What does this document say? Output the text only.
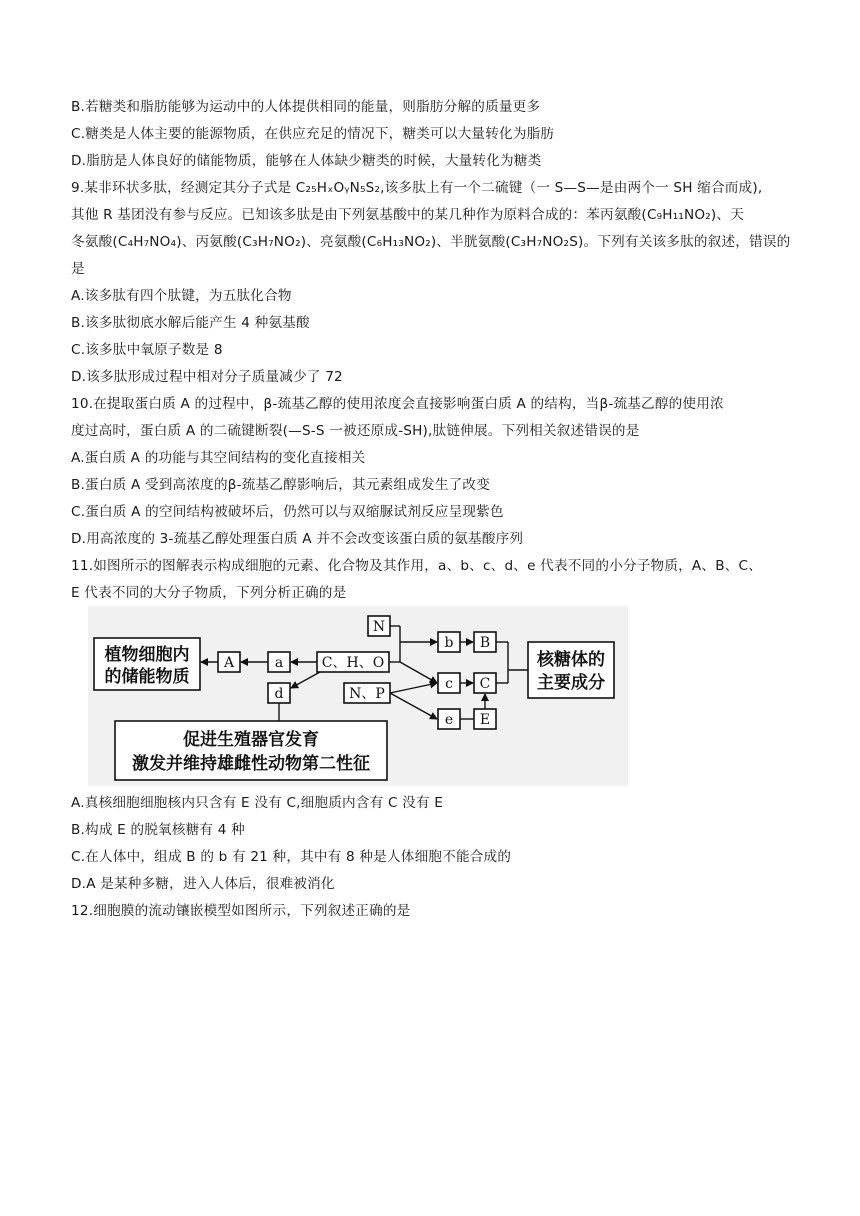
B.若糖类和脂肪能够为运动中的人体提供相同的能量，则脂肪分解的质量更多
C.糖类是人体主要的能源物质，在供应充足的情况下，糖类可以大量转化为脂肪
D.脂肪是人体良好的储能物质，能够在人体缺少糖类的时候，大量转化为糖类
9.某非环状多肽，经测定其分子式是 C₂₅HₓOᵧN₅S₂,该多肽上有一个二硫键（一 S—S—是由两个一 SH 缩合而成),
其他 R 基团没有参与反应。已知该多肽是由下列氨基酸中的某几种作为原料合成的：苯丙氨酸(C₉H₁₁NO₂)、天
冬氨酸(C₄H₇NO₄)、丙氨酸(C₃H₇NO₂)、亮氨酸(C₆H₁₃NO₂)、半胱氨酸(C₃H₇NO₂S)。下列有关该多肽的叙述，错误的
是
A.该多肽有四个肽键，为五肽化合物
B.该多肽彻底水解后能产生 4 种氨基酸
C.该多肽中氧原子数是 8
D.该多肽形成过程中相对分子质量减少了 72
10.在提取蛋白质 A 的过程中，β-巯基乙醇的使用浓度会直接影响蛋白质 A 的结构，当β-巯基乙醇的使用浓
度过高时，蛋白质 A 的二硫键断裂(—S-S 一被还原成-SH),肽链伸展。下列相关叙述错误的是
A.蛋白质 A 的功能与其空间结构的变化直接相关
B.蛋白质 A 受到高浓度的β-巯基乙醇影响后，其元素组成发生了改变
C.蛋白质 A 的空间结构被破坏后，仍然可以与双缩脲试剂反应呈现紫色
D.用高浓度的 3-巯基乙醇处理蛋白质 A 并不会改变该蛋白质的氨基酸序列
11.如图所示的图解表示构成细胞的元素、化合物及其作用，a、b、c、d、e 代表不同的小分子物质，A、B、C、
E 代表不同的大分子物质，下列分析正确的是
植物细胞内
的储能物质
核糖体的
主要成分
促进生殖器官发育
激发并维持雄雌性动物第二性征
A	a	C、H、O
N
N、P
d
b B
c C
e E
A.真核细胞细胞核内只含有 E 没有 C,细胞质内含有 C 没有 E
B.构成 E 的脱氧核糖有 4 种
C.在人体中，组成 B 的 b 有 21 种，其中有 8 种是人体细胞不能合成的
D.A 是某种多糖，进入人体后，很难被消化
12.细胞膜的流动镶嵌模型如图所示，下列叙述正确的是
